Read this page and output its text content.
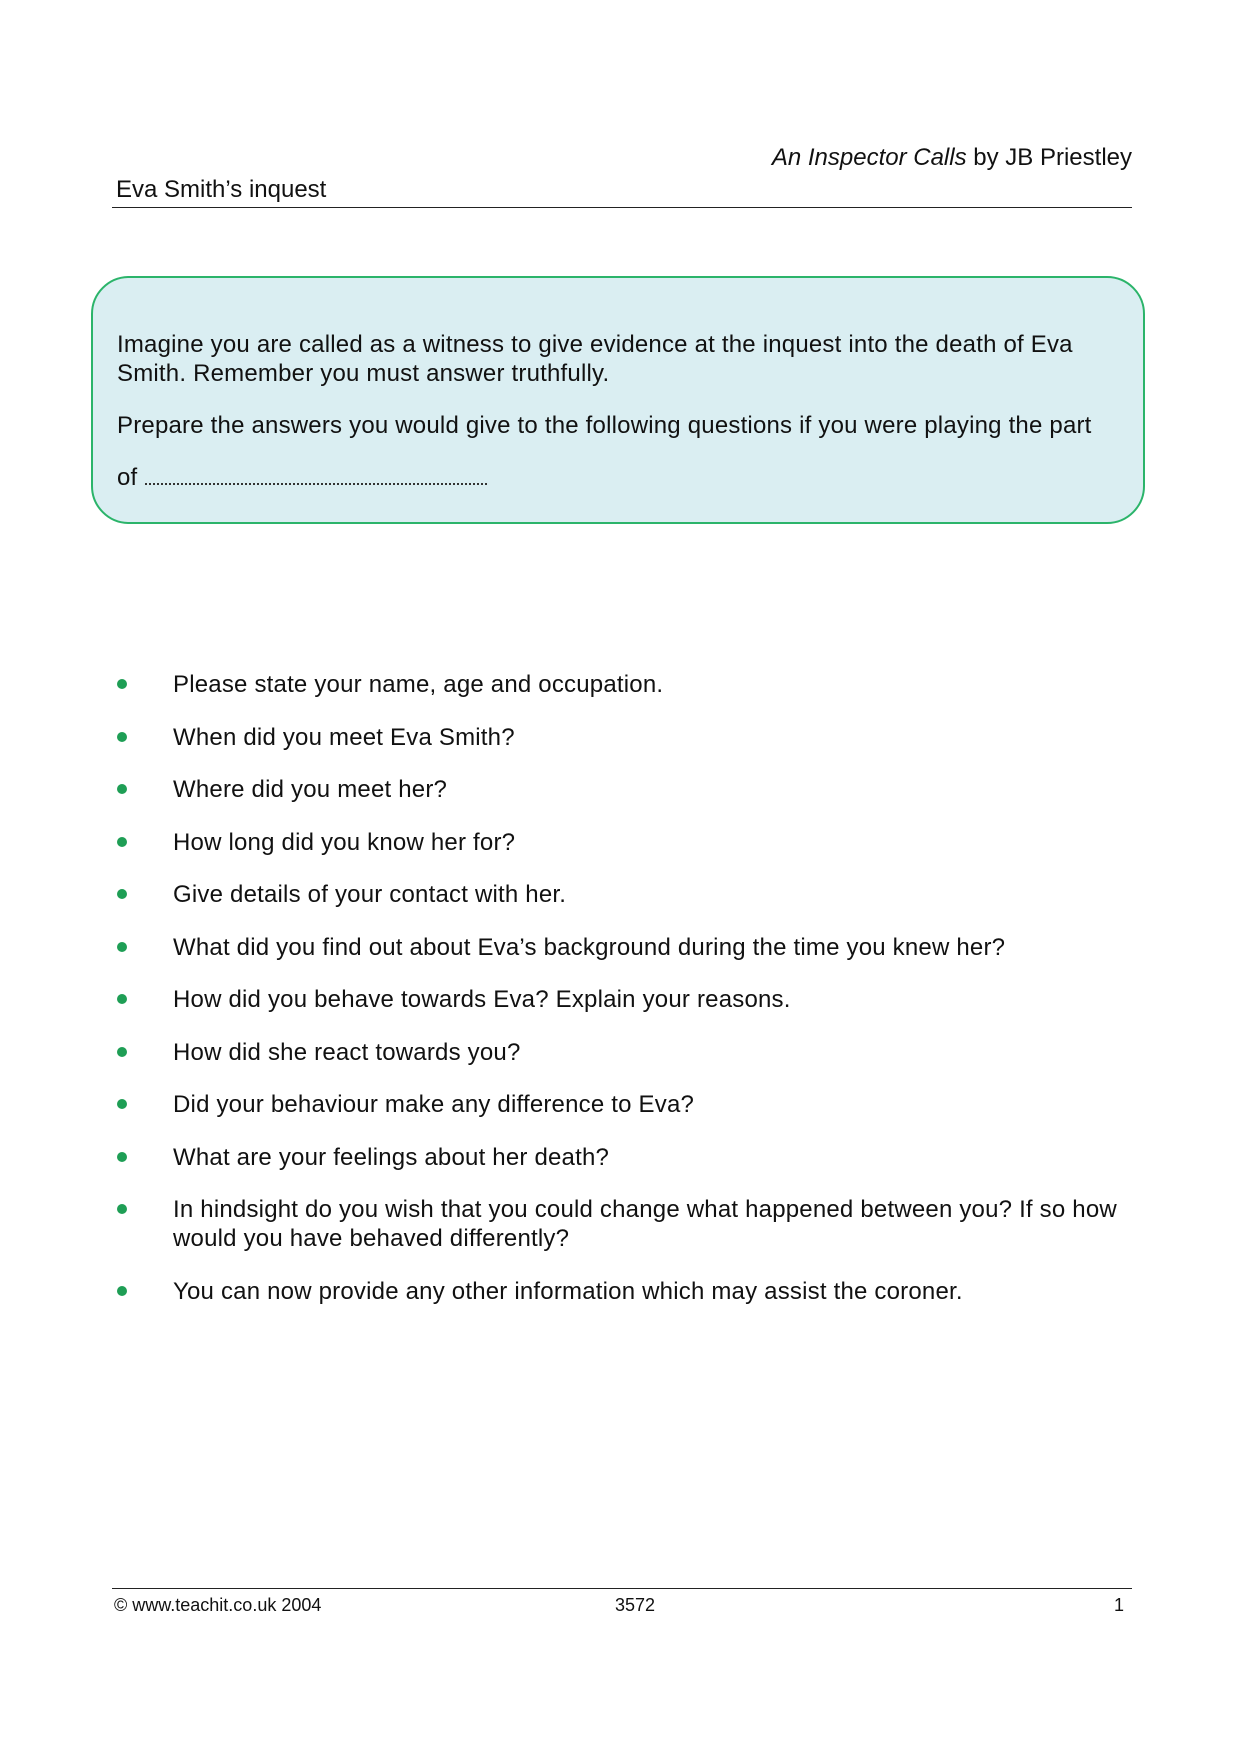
An Inspector Calls by JB Priestley
Eva Smith’s inquest

Imagine you are called as a witness to give evidence at the inquest into the death of Eva Smith. Remember you must answer truthfully.

Prepare the answers you would give to the following questions if you were playing the part

of

Please state your name, age and occupation.
When did you meet Eva Smith?
Where did you meet her?
How long did you know her for?
Give details of your contact with her.
What did you find out about Eva’s background during the time you knew her?
How did you behave towards Eva? Explain your reasons.
How did she react towards you?
Did your behaviour make any difference to Eva?
What are your feelings about her death?
In hindsight do you wish that you could change what happened between you? If so how would you have behaved differently?
You can now provide any other information which may assist the coroner.
© www.teachit.co.uk 2004	3572	1
